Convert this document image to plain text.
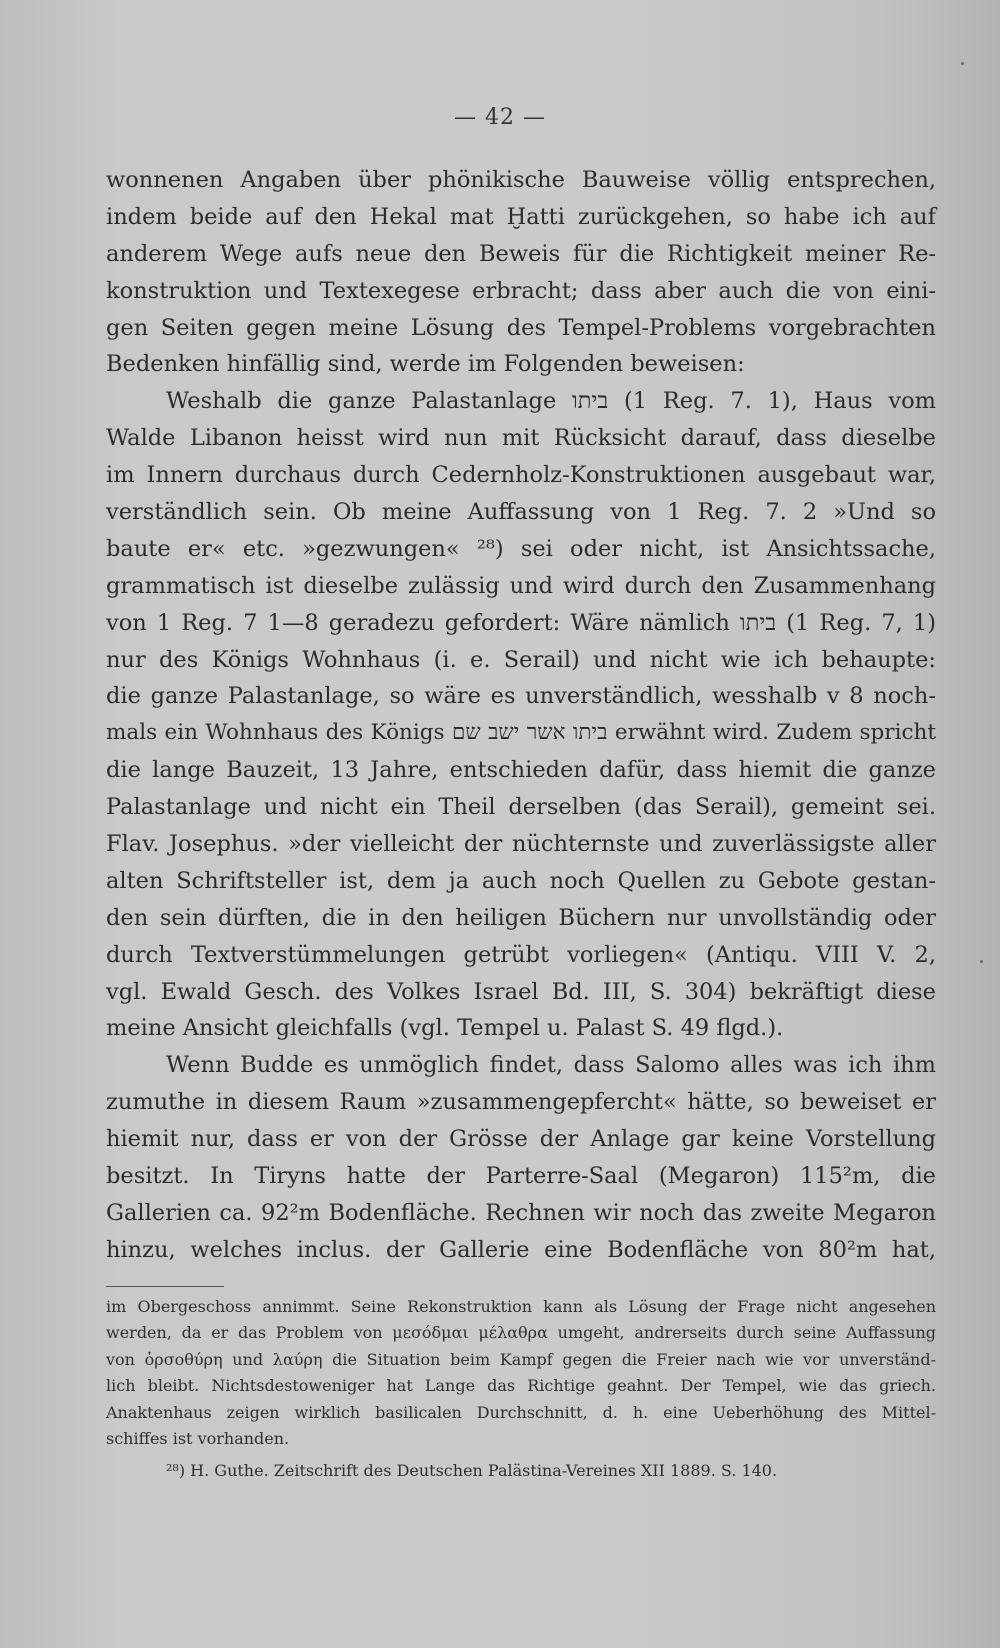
— 42 —
wonnenen Angaben über phönikische Bauweise völlig entsprechen,
indem beide auf den Hekal mat Ḫatti zurückgehen, so habe ich auf
anderem Wege aufs neue den Beweis für die Richtigkeit meiner Re-
konstruktion und Textexegese erbracht; dass aber auch die von eini-
gen Seiten gegen meine Lösung des Tempel-Problems vorgebrachten
Bedenken hinfällig sind, werde im Folgenden beweisen:
Weshalb die ganze Palastanlage ביתו (1 Reg. 7. 1), Haus vom
Walde Libanon heisst wird nun mit Rücksicht darauf, dass dieselbe
im Innern durchaus durch Cedernholz-Konstruktionen ausgebaut war,
verständlich sein. Ob meine Auffassung von 1 Reg. 7. 2 »Und so
baute er« etc. »gezwungen« ²⁸) sei oder nicht, ist Ansichtssache,
grammatisch ist dieselbe zulässig und wird durch den Zusammenhang
von 1 Reg. 7 1—8 geradezu gefordert: Wäre nämlich ביתו (1 Reg. 7, 1)
nur des Königs Wohnhaus (i. e. Serail) und nicht wie ich behaupte:
die ganze Palastanlage, so wäre es unverständlich, wesshalb v 8 noch-
mals ein Wohnhaus des Königs ביתו אשר ישב שם erwähnt wird. Zudem spricht
die lange Bauzeit, 13 Jahre, entschieden dafür, dass hiemit die ganze
Palastanlage und nicht ein Theil derselben (das Serail), gemeint sei.
Flav. Josephus. »der vielleicht der nüchternste und zuverlässigste aller
alten Schriftsteller ist, dem ja auch noch Quellen zu Gebote gestan-
den sein dürften, die in den heiligen Büchern nur unvollständig oder
durch Textverstümmelungen getrübt vorliegen« (Antiqu. VIII V. 2,
vgl. Ewald Gesch. des Volkes Israel Bd. III, S. 304) bekräftigt diese
meine Ansicht gleichfalls (vgl. Tempel u. Palast S. 49 flgd.).
Wenn Budde es unmöglich findet, dass Salomo alles was ich ihm
zumuthe in diesem Raum »zusammengepfercht« hätte, so beweiset er
hiemit nur, dass er von der Grösse der Anlage gar keine Vorstellung
besitzt. In Tiryns hatte der Parterre-Saal (Megaron) 115²m, die
Gallerien ca. 92²m Bodenfläche. Rechnen wir noch das zweite Megaron
hinzu, welches inclus. der Gallerie eine Bodenfläche von 80²m hat,
im Obergeschoss annimmt. Seine Rekonstruktion kann als Lösung der Frage nicht angesehen
werden, da er das Problem von μεσόδμαι μέλαθρα umgeht, andrerseits durch seine Auffassung
von ὀρσοθύρη und λαύρη die Situation beim Kampf gegen die Freier nach wie vor unverständ-
lich bleibt. Nichtsdestoweniger hat Lange das Richtige geahnt. Der Tempel, wie das griech.
Anaktenhaus zeigen wirklich basilicalen Durchschnitt, d. h. eine Ueberhöhung des Mittel-
schiffes ist vorhanden.
²⁸) H. Guthe. Zeitschrift des Deutschen Palästina-Vereines XII 1889. S. 140.
